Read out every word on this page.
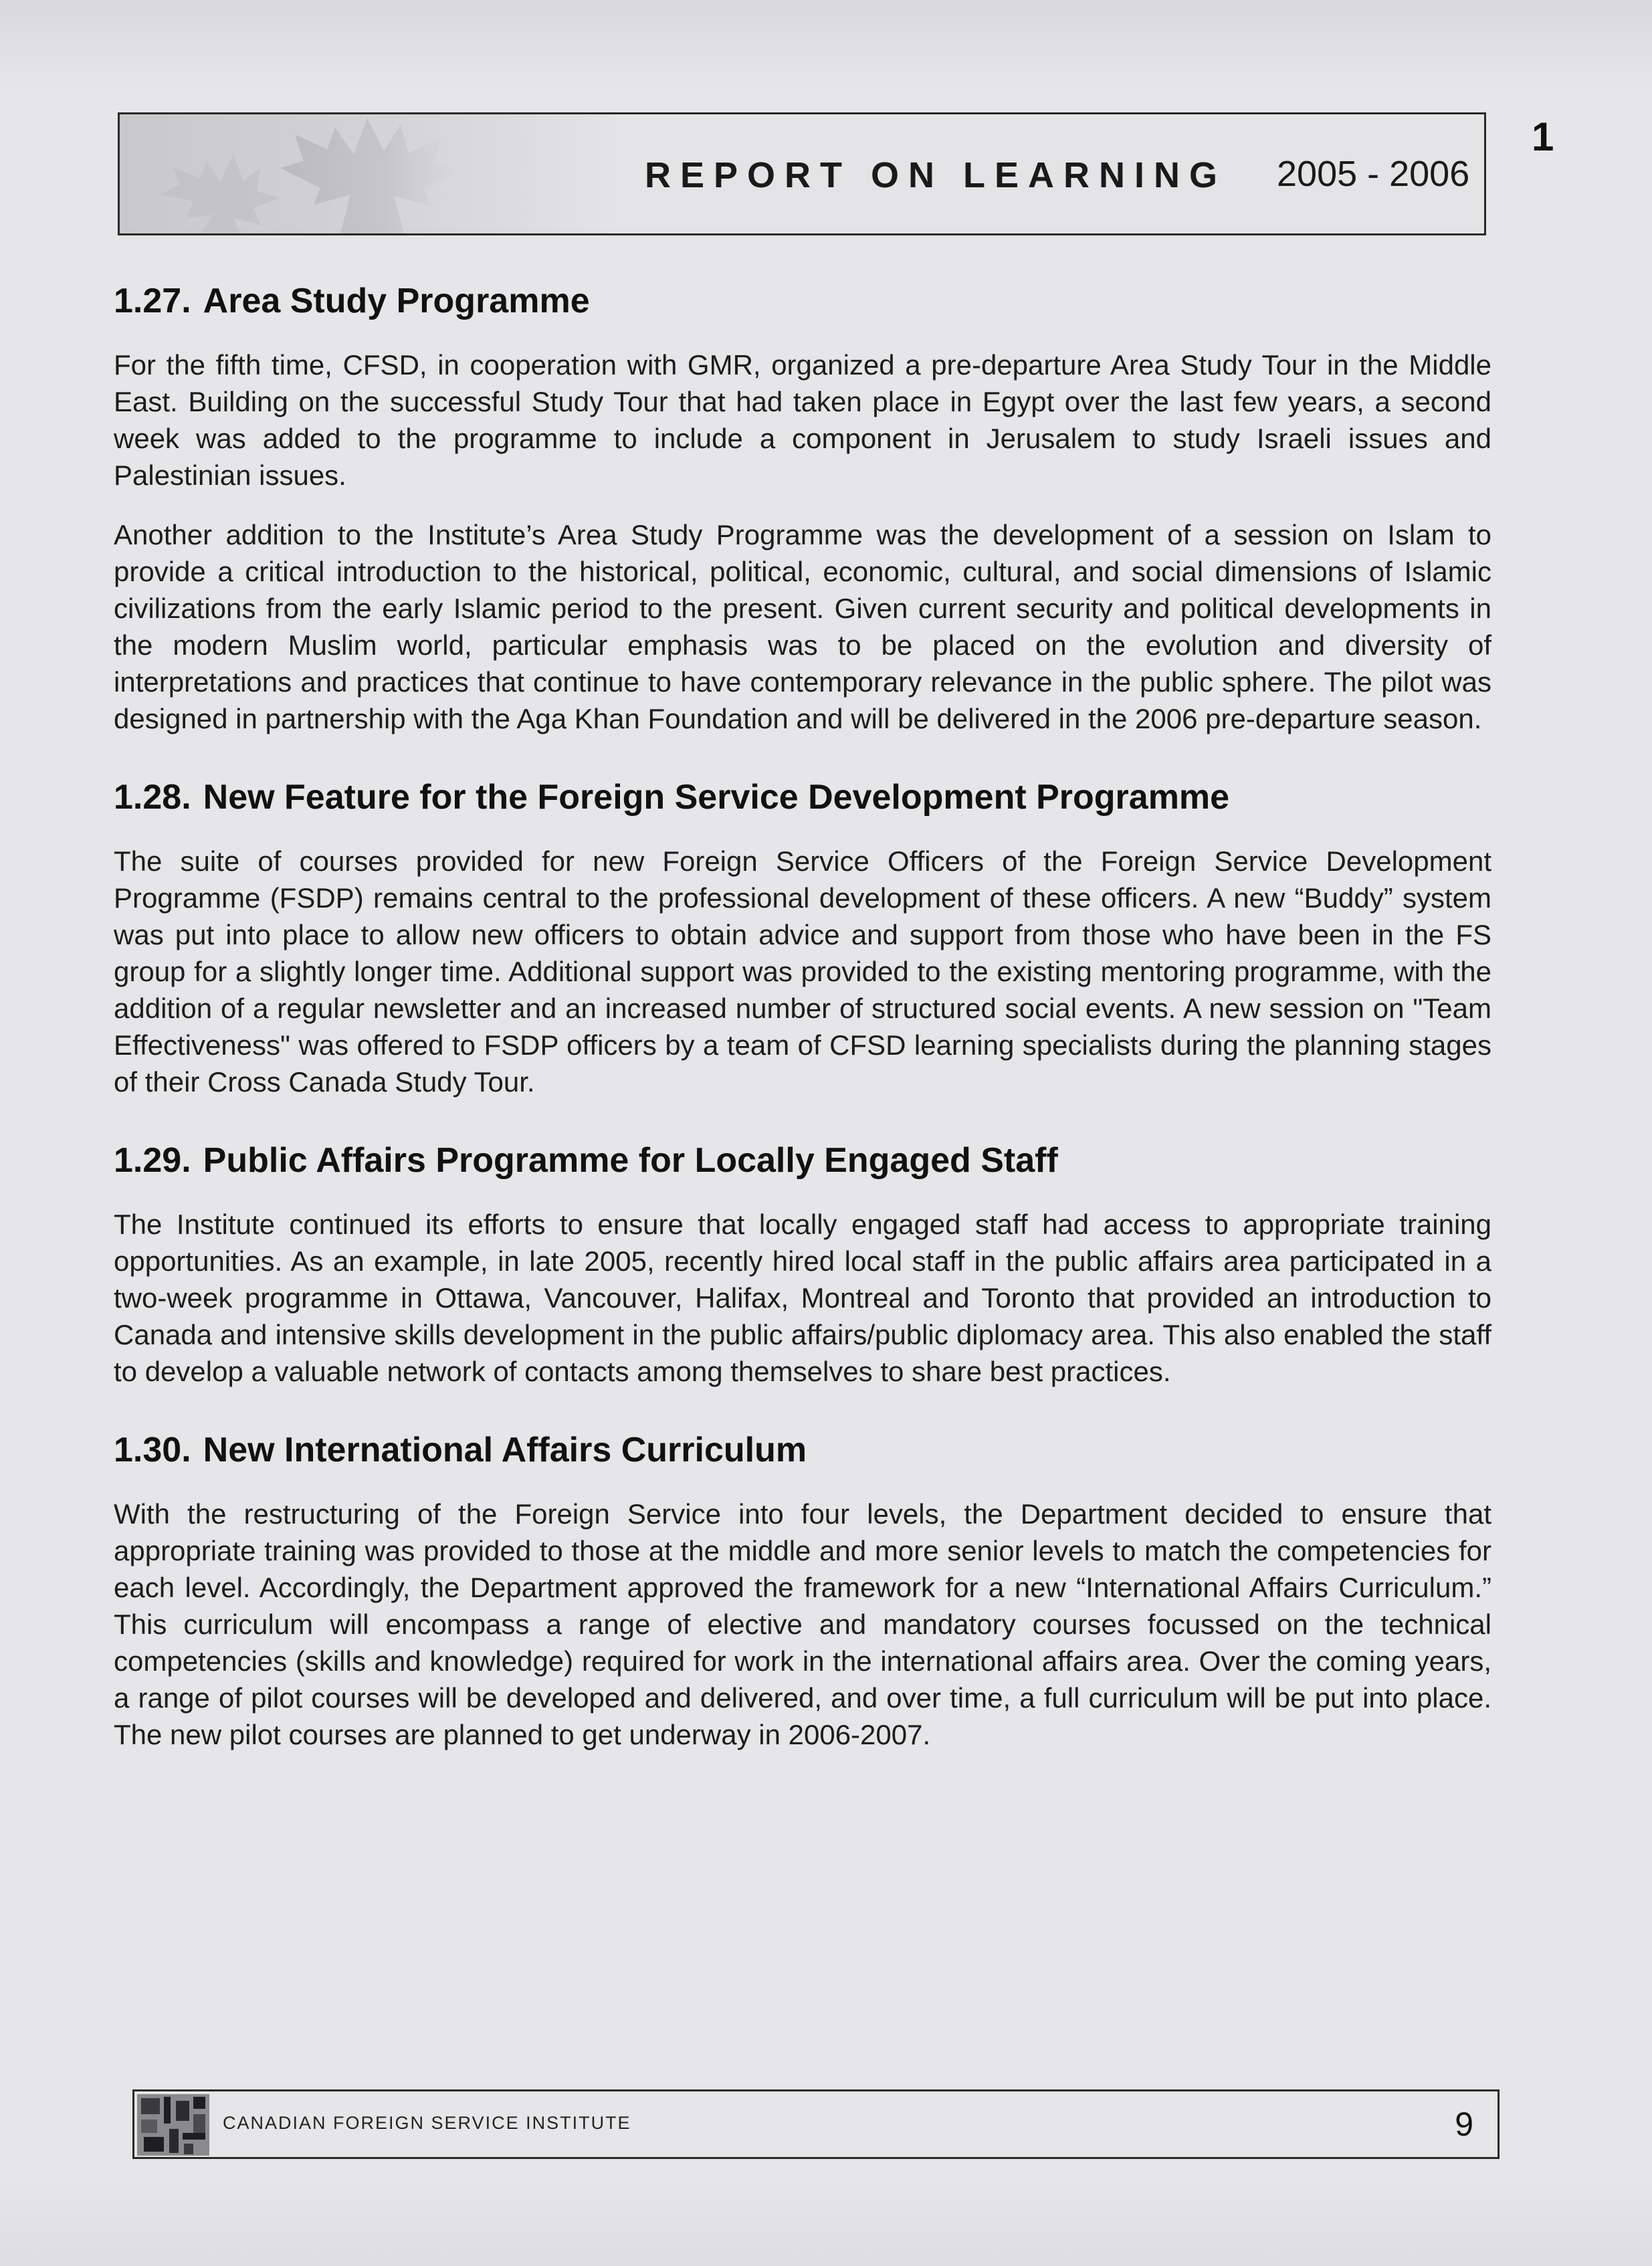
1
REPORT ON LEARNING 2005 - 2006
1.27. Area Study Programme

For the fifth time, CFSD, in cooperation with GMR, organized a pre-departure Area Study Tour in the Middle East. Building on the successful Study Tour that had taken place in Egypt over the last few years, a second week was added to the programme to include a component in Jerusalem to study Israeli issues and Palestinian issues.

Another addition to the Institute’s Area Study Programme was the development of a session on Islam to provide a critical introduction to the historical, political, economic, cultural, and social dimensions of Islamic civilizations from the early Islamic period to the present. Given current security and political developments in the modern Muslim world, particular emphasis was to be placed on the evolution and diversity of interpretations and practices that continue to have contemporary relevance in the public sphere. The pilot was designed in partnership with the Aga Khan Foundation and will be delivered in the 2006 pre-departure season.

1.28. New Feature for the Foreign Service Development Programme

The suite of courses provided for new Foreign Service Officers of the Foreign Service Development Programme (FSDP) remains central to the professional development of these officers. A new “Buddy” system was put into place to allow new officers to obtain advice and support from those who have been in the FS group for a slightly longer time. Additional support was provided to the existing mentoring programme, with the addition of a regular newsletter and an increased number of structured social events. A new session on "Team Effectiveness" was offered to FSDP officers by a team of CFSD learning specialists during the planning stages of their Cross Canada Study Tour.

1.29. Public Affairs Programme for Locally Engaged Staff

The Institute continued its efforts to ensure that locally engaged staff had access to appropriate training opportunities. As an example, in late 2005, recently hired local staff in the public affairs area participated in a two-week programme in Ottawa, Vancouver, Halifax, Montreal and Toronto that provided an introduction to Canada and intensive skills development in the public affairs/public diplomacy area. This also enabled the staff to develop a valuable network of contacts among themselves to share best practices.

1.30. New International Affairs Curriculum

With the restructuring of the Foreign Service into four levels, the Department decided to ensure that appropriate training was provided to those at the middle and more senior levels to match the competencies for each level. Accordingly, the Department approved the framework for a new “International Affairs Curriculum.” This curriculum will encompass a range of elective and mandatory courses focussed on the technical competencies (skills and knowledge) required for work in the international affairs area. Over the coming years, a range of pilot courses will be developed and delivered, and over time, a full curriculum will be put into place. The new pilot courses are planned to get underway in 2006-2007.

CANADIAN FOREIGN SERVICE INSTITUTE	9
